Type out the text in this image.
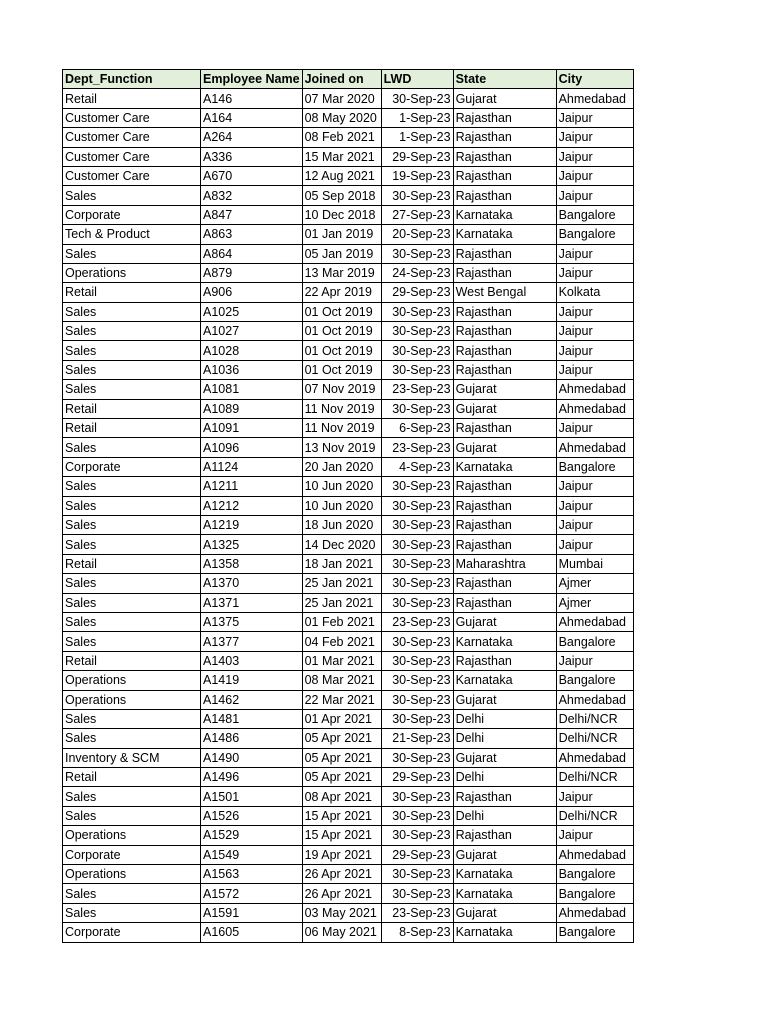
Dept_Function	Employee Name	Joined on	LWD	State	City
Retail	A146	07 Mar 2020	30-Sep-23	Gujarat	Ahmedabad
Customer Care	A164	08 May 2020	1-Sep-23	Rajasthan	Jaipur
Customer Care	A264	08 Feb 2021	1-Sep-23	Rajasthan	Jaipur
Customer Care	A336	15 Mar 2021	29-Sep-23	Rajasthan	Jaipur
Customer Care	A670	12 Aug 2021	19-Sep-23	Rajasthan	Jaipur
Sales	A832	05 Sep 2018	30-Sep-23	Rajasthan	Jaipur
Corporate	A847	10 Dec 2018	27-Sep-23	Karnataka	Bangalore
Tech & Product	A863	01 Jan 2019	20-Sep-23	Karnataka	Bangalore
Sales	A864	05 Jan 2019	30-Sep-23	Rajasthan	Jaipur
Operations	A879	13 Mar 2019	24-Sep-23	Rajasthan	Jaipur
Retail	A906	22 Apr 2019	29-Sep-23	West Bengal	Kolkata
Sales	A1025	01 Oct 2019	30-Sep-23	Rajasthan	Jaipur
Sales	A1027	01 Oct 2019	30-Sep-23	Rajasthan	Jaipur
Sales	A1028	01 Oct 2019	30-Sep-23	Rajasthan	Jaipur
Sales	A1036	01 Oct 2019	30-Sep-23	Rajasthan	Jaipur
Sales	A1081	07 Nov 2019	23-Sep-23	Gujarat	Ahmedabad
Retail	A1089	11 Nov 2019	30-Sep-23	Gujarat	Ahmedabad
Retail	A1091	11 Nov 2019	6-Sep-23	Rajasthan	Jaipur
Sales	A1096	13 Nov 2019	23-Sep-23	Gujarat	Ahmedabad
Corporate	A1124	20 Jan 2020	4-Sep-23	Karnataka	Bangalore
Sales	A1211	10 Jun 2020	30-Sep-23	Rajasthan	Jaipur
Sales	A1212	10 Jun 2020	30-Sep-23	Rajasthan	Jaipur
Sales	A1219	18 Jun 2020	30-Sep-23	Rajasthan	Jaipur
Sales	A1325	14 Dec 2020	30-Sep-23	Rajasthan	Jaipur
Retail	A1358	18 Jan 2021	30-Sep-23	Maharashtra	Mumbai
Sales	A1370	25 Jan 2021	30-Sep-23	Rajasthan	Ajmer
Sales	A1371	25 Jan 2021	30-Sep-23	Rajasthan	Ajmer
Sales	A1375	01 Feb 2021	23-Sep-23	Gujarat	Ahmedabad
Sales	A1377	04 Feb 2021	30-Sep-23	Karnataka	Bangalore
Retail	A1403	01 Mar 2021	30-Sep-23	Rajasthan	Jaipur
Operations	A1419	08 Mar 2021	30-Sep-23	Karnataka	Bangalore
Operations	A1462	22 Mar 2021	30-Sep-23	Gujarat	Ahmedabad
Sales	A1481	01 Apr 2021	30-Sep-23	Delhi	Delhi/NCR
Sales	A1486	05 Apr 2021	21-Sep-23	Delhi	Delhi/NCR
Inventory & SCM	A1490	05 Apr 2021	30-Sep-23	Gujarat	Ahmedabad
Retail	A1496	05 Apr 2021	29-Sep-23	Delhi	Delhi/NCR
Sales	A1501	08 Apr 2021	30-Sep-23	Rajasthan	Jaipur
Sales	A1526	15 Apr 2021	30-Sep-23	Delhi	Delhi/NCR
Operations	A1529	15 Apr 2021	30-Sep-23	Rajasthan	Jaipur
Corporate	A1549	19 Apr 2021	29-Sep-23	Gujarat	Ahmedabad
Operations	A1563	26 Apr 2021	30-Sep-23	Karnataka	Bangalore
Sales	A1572	26 Apr 2021	30-Sep-23	Karnataka	Bangalore
Sales	A1591	03 May 2021	23-Sep-23	Gujarat	Ahmedabad
Corporate	A1605	06 May 2021	8-Sep-23	Karnataka	Bangalore
